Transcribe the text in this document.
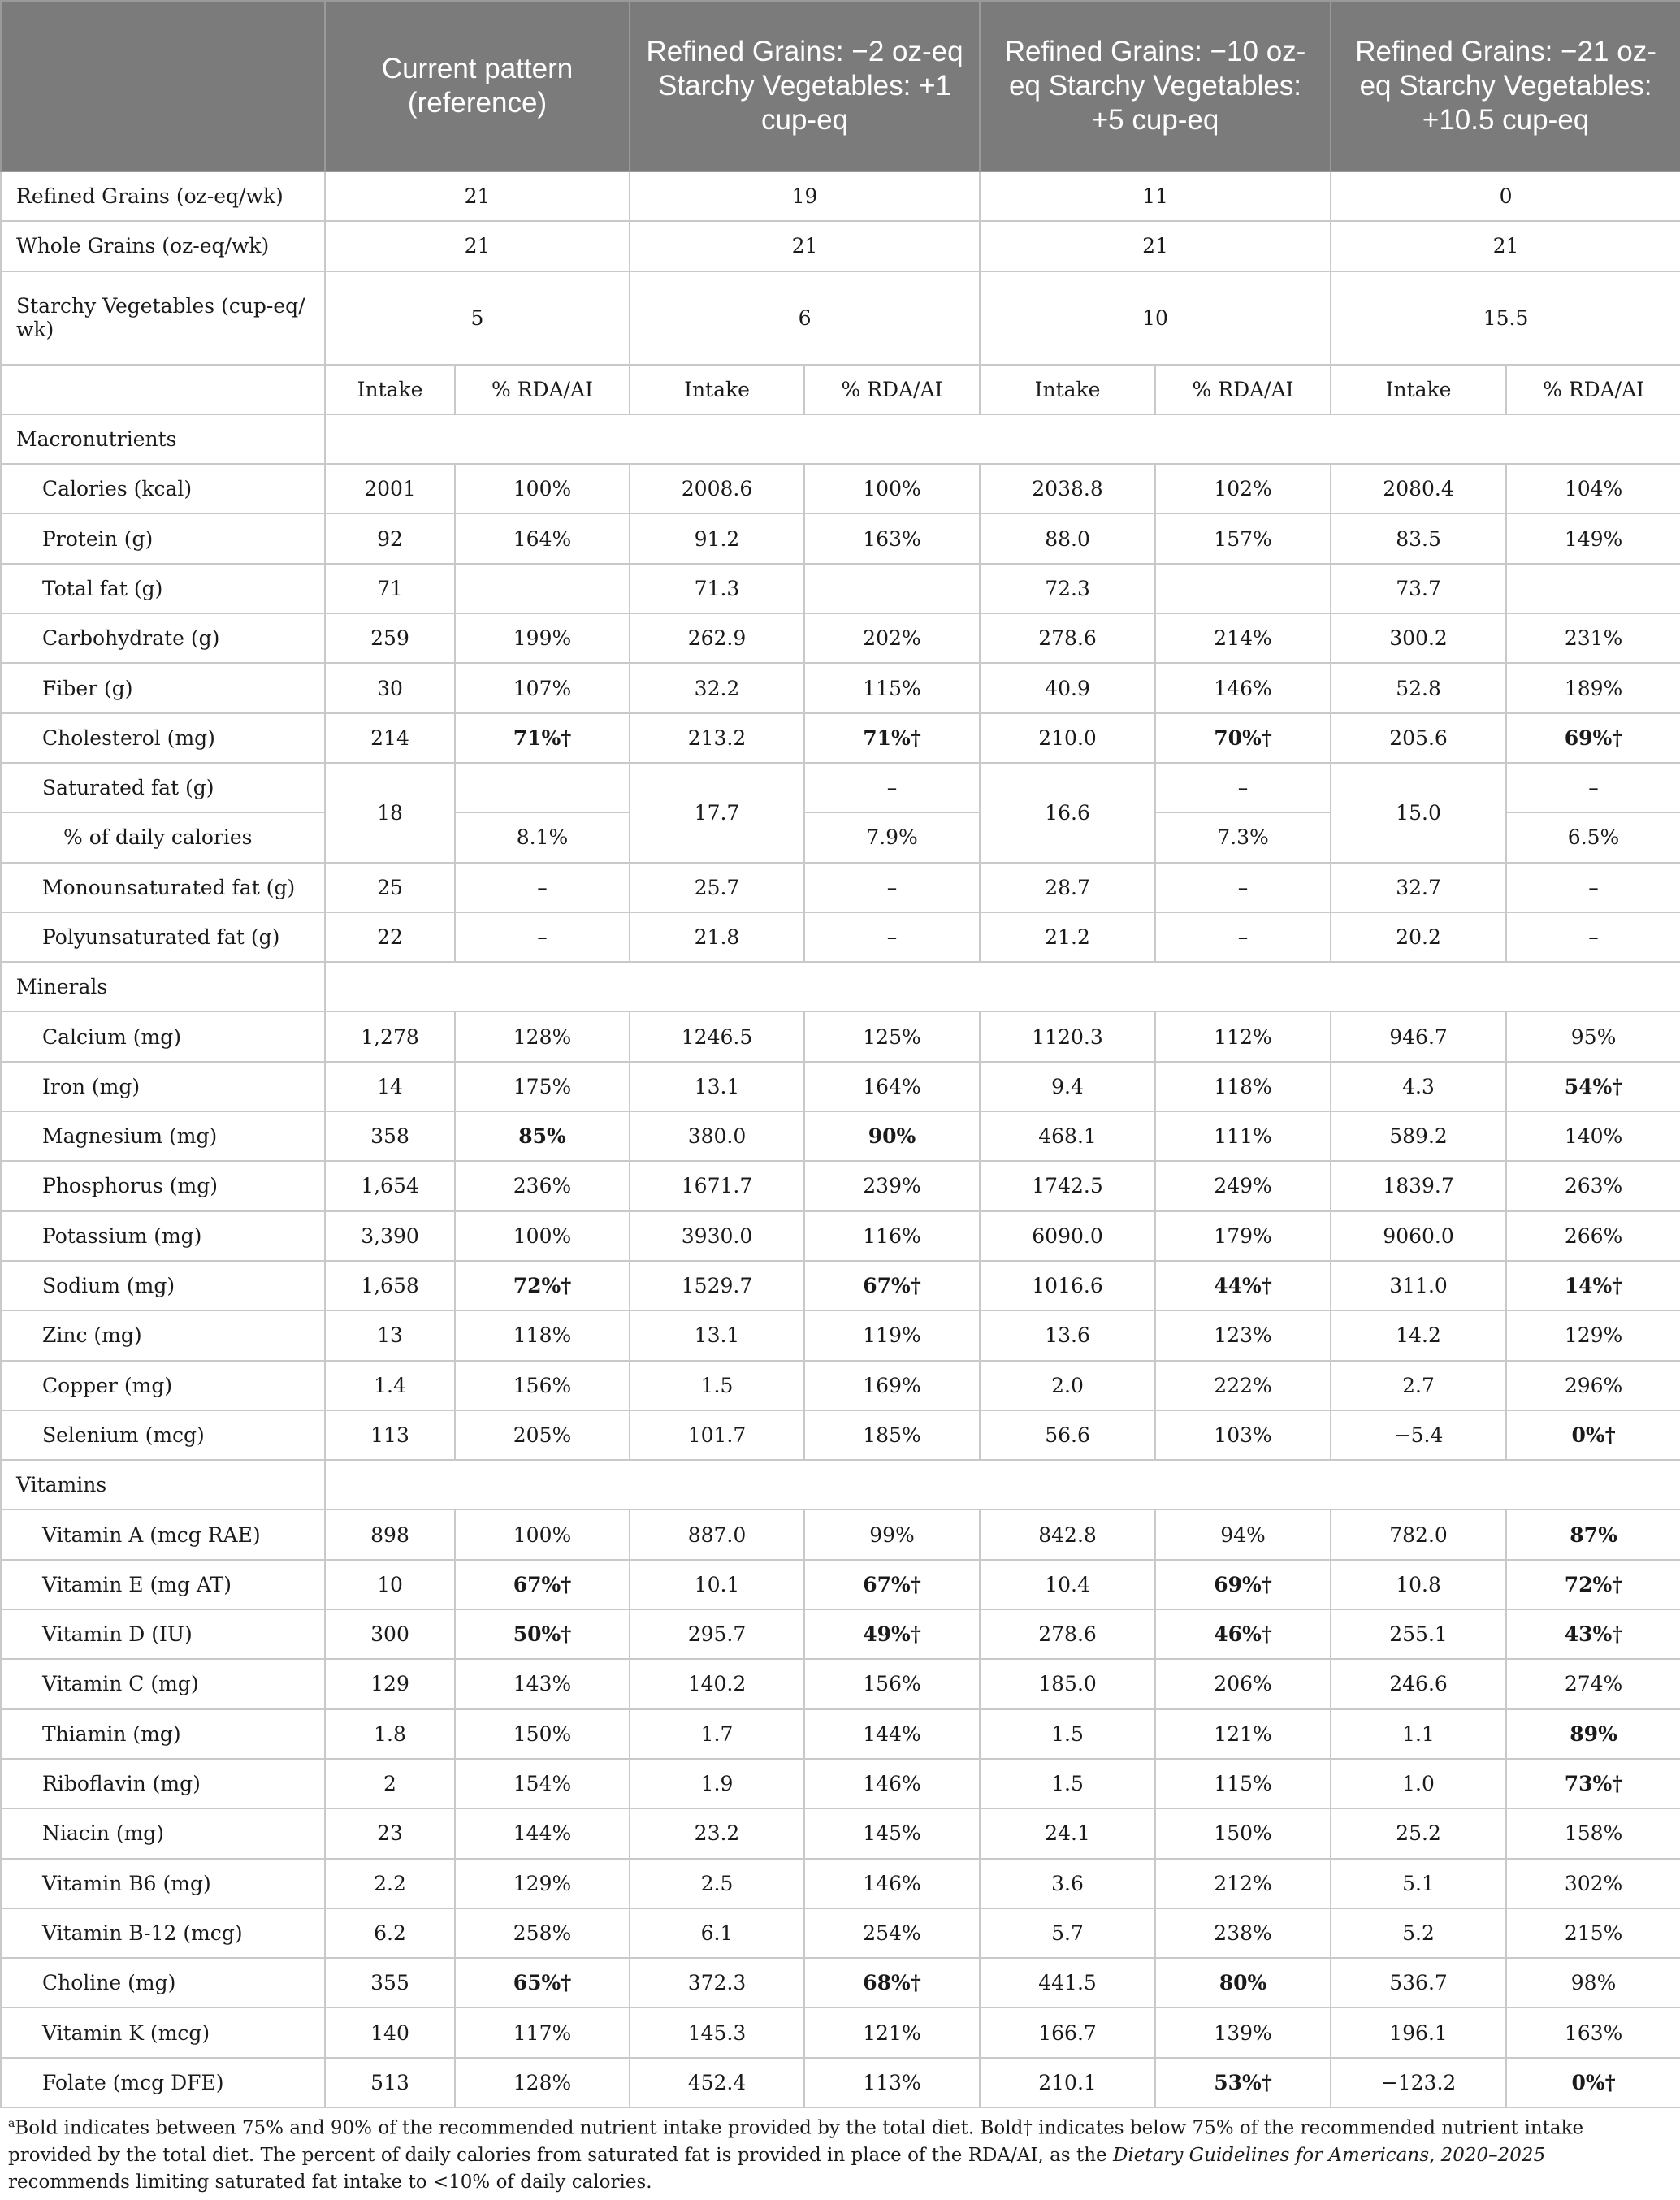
	Current pattern (reference)		Refined Grains: −2 oz-eq Starchy Vegetables: +1 cup-eq		Refined Grains: −10 oz-eq Starchy Vegetables: +5 cup-eq		Refined Grains: −21 oz-eq Starchy Vegetables: +10.5 cup-eq	
Refined Grains (oz-eq/wk)	21		19		11		0	
Whole Grains (oz-eq/wk)	21		21		21		21	
Starchy Vegetables (cup-eq/ wk)	5		6		10		15.5	
	Intake	% RDA/AI	Intake	% RDA/AI	Intake	% RDA/AI	Intake	% RDA/AI
Macronutrients								
Calories (kcal)	2001	100%	2008.6	100%	2038.8	102%	2080.4	104%
Protein (g)	92	164%	91.2	163%	88.0	157%	83.5	149%
Total fat (g)	71		71.3		72.3		73.7	
Carbohydrate (g)	259	199%	262.9	202%	278.6	214%	300.2	231%
Fiber (g)	30	107%	32.2	115%	40.9	146%	52.8	189%
Cholesterol (mg)	214	71%†	213.2	71%†	210.0	70%†	205.6	69%†
Saturated fat (g)	18		17.7	–	16.6	–	15.0	–
% of daily calories		8.1%		7.9%		7.3%		6.5%
Monounsaturated fat (g)	25	–	25.7	–	28.7	–	32.7	–
Polyunsaturated fat (g)	22	–	21.8	–	21.2	–	20.2	–
Minerals								
Calcium (mg)	1,278	128%	1246.5	125%	1120.3	112%	946.7	95%
Iron (mg)	14	175%	13.1	164%	9.4	118%	4.3	54%†
Magnesium (mg)	358	85%	380.0	90%	468.1	111%	589.2	140%
Phosphorus (mg)	1,654	236%	1671.7	239%	1742.5	249%	1839.7	263%
Potassium (mg)	3,390	100%	3930.0	116%	6090.0	179%	9060.0	266%
Sodium (mg)	1,658	72%†	1529.7	67%†	1016.6	44%†	311.0	14%†
Zinc (mg)	13	118%	13.1	119%	13.6	123%	14.2	129%
Copper (mg)	1.4	156%	1.5	169%	2.0	222%	2.7	296%
Selenium (mcg)	113	205%	101.7	185%	56.6	103%	−5.4	0%†
Vitamins								
Vitamin A (mcg RAE)	898	100%	887.0	99%	842.8	94%	782.0	87%
Vitamin E (mg AT)	10	67%†	10.1	67%†	10.4	69%†	10.8	72%†
Vitamin D (IU)	300	50%†	295.7	49%†	278.6	46%†	255.1	43%†
Vitamin C (mg)	129	143%	140.2	156%	185.0	206%	246.6	274%
Thiamin (mg)	1.8	150%	1.7	144%	1.5	121%	1.1	89%
Riboflavin (mg)	2	154%	1.9	146%	1.5	115%	1.0	73%†
Niacin (mg)	23	144%	23.2	145%	24.1	150%	25.2	158%
Vitamin B6 (mg)	2.2	129%	2.5	146%	3.6	212%	5.1	302%
Vitamin B-12 (mcg)	6.2	258%	6.1	254%	5.7	238%	5.2	215%
Choline (mg)	355	65%†	372.3	68%†	441.5	80%	536.7	98%
Vitamin K (mcg)	140	117%	145.3	121%	166.7	139%	196.1	163%
Folate (mcg DFE)	513	128%	452.4	113%	210.1	53%†	−123.2	0%†
$^a$Bold indicates between 75% and 90% of the recommended nutrient intake provided by the total diet. Bold† indicates below 75% of the recommended nutrient intake provided by the total diet. The percent of daily calories from saturated fat is provided in place of the RDA/AI, as the Dietary Guidelines for Americans, 2020–2025 recommends limiting saturated fat intake to <10% of daily calories.
